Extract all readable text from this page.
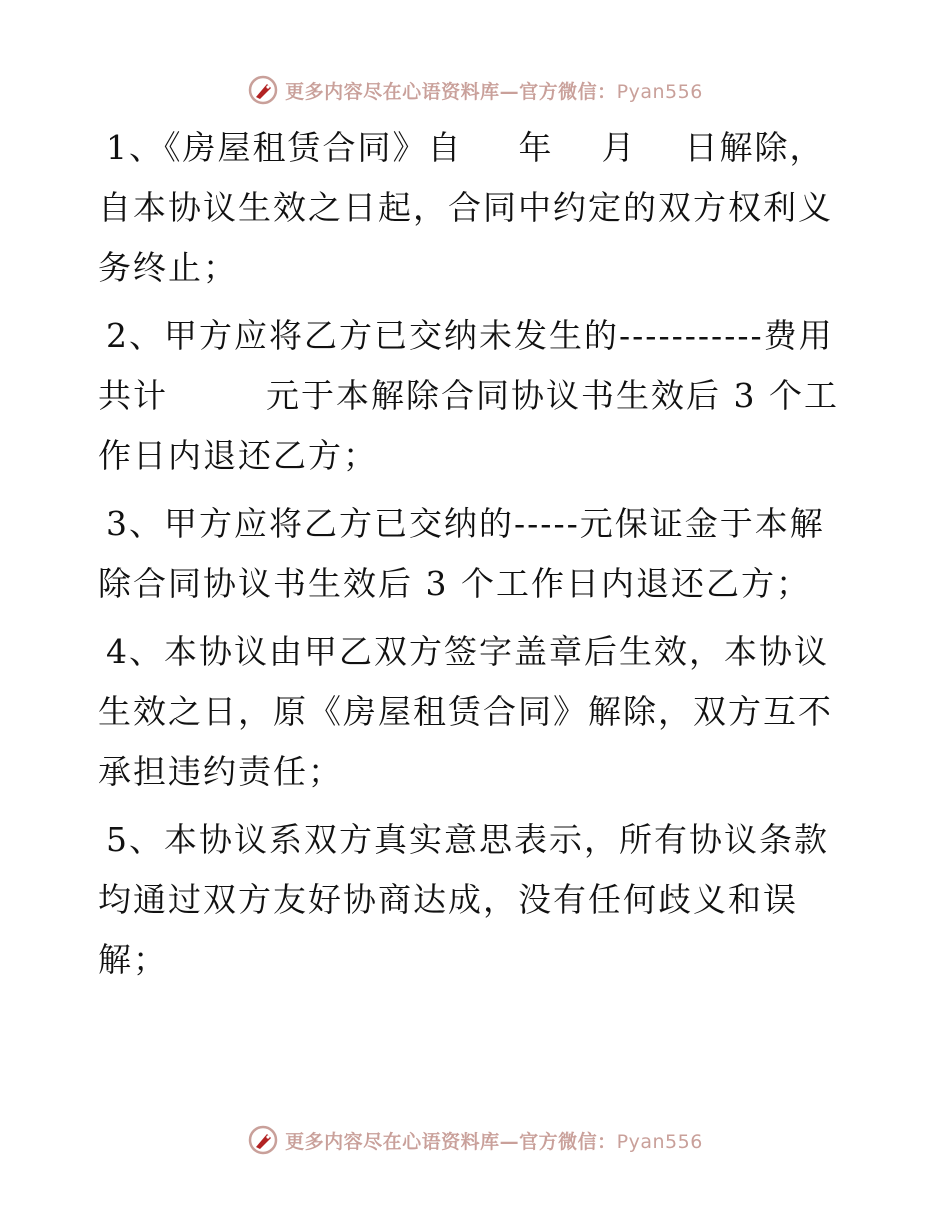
更多内容尽在心语资料库—官方微信：Pyan556

1、《房屋租赁合同》自 年 月 日解除，自本协议生效之日起，合同中约定的双方权利义务终止；

2、甲方应将乙方已交纳未发生的-----------费用共计	元于本解除合同协议书生效后 3 个工作日内退还乙方；

3、甲方应将乙方已交纳的-----元保证金于本解除合同协议书生效后 3 个工作日内退还乙方；

4、本协议由甲乙双方签字盖章后生效，本协议生效之日，原《房屋租赁合同》解除，双方互不承担违约责任；

5、本协议系双方真实意思表示，所有协议条款均通过双方友好协商达成，没有任何歧义和误解；

更多内容尽在心语资料库—官方微信：Pyan556
